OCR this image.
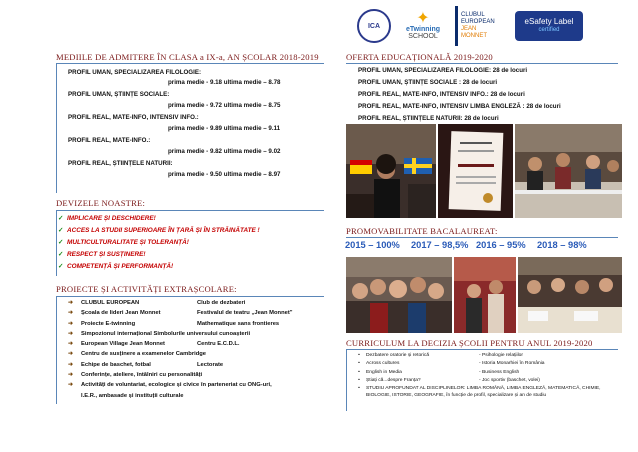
ICA ✦
eTwinning
SCHOOL
CLUBUL
EUROPEAN
JEAN
MONNET
eSafety Label
certified
MEDIILE DE ADMITERE ÎN CLASA a IX-a, AN ȘCOLAR 2018-2019
PROFIL UMAN, SPECIALIZAREA FILOLOGIE:
prima medie - 9.18 ultima medie – 8.78
PROFIL UMAN, ȘTIINȚE SOCIALE:
prima medie - 9.72 ultima medie – 8.75
PROFIL REAL, MATE-INFO, INTENSIV INFO.:
prima medie - 9.89 ultima medie – 9.11
PROFIL REAL, MATE-INFO.:
prima medie - 9.82 ultima medie – 9.02
PROFIL REAL, ȘTIINȚELE NATURII:
prima medie - 9.50 ultima medie – 8.97
DEVIZELE NOASTRE:
✓ IMPLICARE ȘI DESCHIDERE!
✓ ACCES LA STUDII SUPERIOARE ÎN ȚARĂ ȘI ÎN STRĂINĂTATE !
✓ MULTICULTURALITATE ȘI TOLERANȚĂ!
✓ RESPECT ȘI SUSȚINERE!
✓ COMPETENȚĂ ȘI PERFORMANȚĂ!
PROIECTE ȘI ACTIVITĂȚI EXTRAȘCOLARE:
➜	CLUBUL EUROPEAN	Club de dezbateri
➜	Școala de lideri Jean Monnet	Festivalul de teatru „Jean Monnet"
➜	Proiecte E-twinning	Mathematique sans frontieres
➜	Simpozionul internațional Simbolurile universului cunoașterii
➜	European Village Jean Monnet	Centru E.C.D.L.
➜	Centru de susținere a examenelor Cambridge
➜	Echipe de baschet, fotbal	Lectorate
➜	Conferințe, ateliere, întâlniri cu personalități
➜	Activități de voluntariat, ecologice și civice în parteneriat cu ONG-uri,
I.E.R., ambasade și instituții culturale
OFERTA EDUCAȚIONALĂ 2019-2020
PROFIL UMAN, SPECIALIZAREA FILOLOGIE: 28 de locuri
PROFIL UMAN, ȘTIINȚE SOCIALE : 28 de locuri
PROFIL REAL, MATE-INFO, INTENSIV INFO.: 28 de locuri
PROFIL REAL, MATE-INFO, INTENSIV LIMBA ENGLEZĂ : 28 de locuri
PROFIL REAL, ȘTIINȚELE NATURII: 28 de locuri
PROMOVABILITATE BACALAUREAT:
2015 – 100% 2017 – 98,5% 2016 – 95% 2018 – 98%
CURRICULUM LA DECIZIA ȘCOLII PENTRU ANUL 2019-2020
•	Dezbatere oratorie și retorică	- Psihologie relațiilor
•	Across cultures	- Istoria Monarhiei în România
•	English in Media	- Business English
•	Știați că...despre Franța?	- Joc sportiv (baschet, volei)
•	STUDIU APROFUNDAT AL DISCIPLINELOR: LIMBA ROMÂNĂ, LIMBA ENGLEZĂ, MATEMATICĂ, CHIMIE, BIOLOGIE, ISTORIE, GEOGRAFIE, în funcție de profil, specializare și an de studiu
